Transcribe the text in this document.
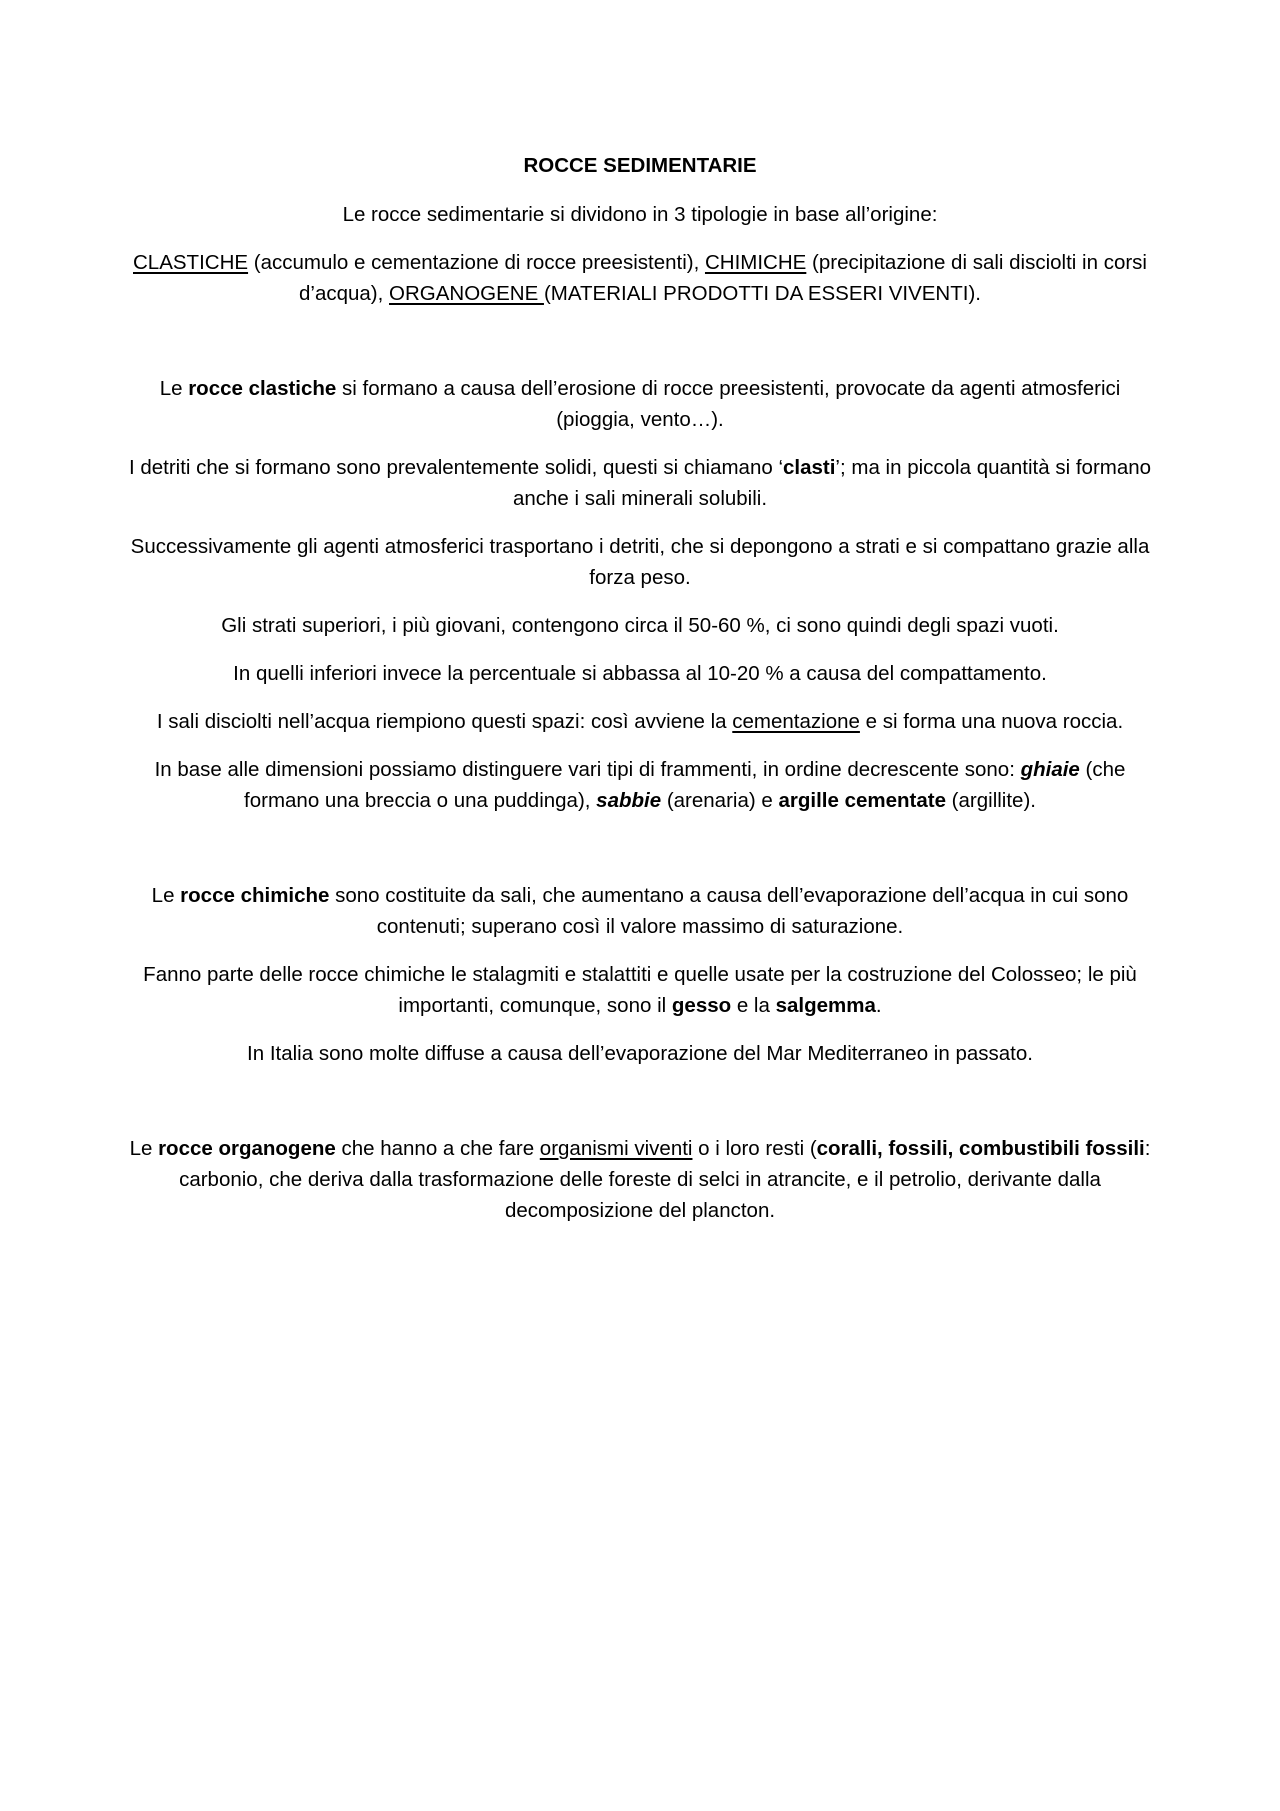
ROCCE SEDIMENTARIE

Le rocce sedimentarie si dividono in 3 tipologie in base all’origine:

CLASTICHE (accumulo e cementazione di rocce preesistenti), CHIMICHE (precipitazione di sali disciolti in corsi d’acqua), ORGANOGENE (MATERIALI PRODOTTI DA ESSERI VIVENTI).

Le rocce clastiche si formano a causa dell’erosione di rocce preesistenti, provocate da agenti atmosferici (pioggia, vento…).

I detriti che si formano sono prevalentemente solidi, questi si chiamano ‘clasti’; ma in piccola quantità si formano anche i sali minerali solubili.

Successivamente gli agenti atmosferici trasportano i detriti, che si depongono a strati e si compattano grazie alla forza peso.

Gli strati superiori, i più giovani, contengono circa il 50-60 %, ci sono quindi degli spazi vuoti.

In quelli inferiori invece la percentuale si abbassa al 10-20 % a causa del compattamento.

I sali disciolti nell’acqua riempiono questi spazi: così avviene la cementazione e si forma una nuova roccia.

In base alle dimensioni possiamo distinguere vari tipi di frammenti, in ordine decrescente sono: ghiaie (che formano una breccia o una puddinga), sabbie (arenaria) e argille cementate (argillite).

Le rocce chimiche sono costituite da sali, che aumentano a causa dell’evaporazione dell’acqua in cui sono contenuti; superano così il valore massimo di saturazione.

Fanno parte delle rocce chimiche le stalagmiti e stalattiti e quelle usate per la costruzione del Colosseo; le più importanti, comunque, sono il gesso e la salgemma.

In Italia sono molte diffuse a causa dell’evaporazione del Mar Mediterraneo in passato.

Le rocce organogene che hanno a che fare organismi viventi o i loro resti (coralli, fossili, combustibili fossili: carbonio, che deriva dalla trasformazione delle foreste di selci in atrancite, e il petrolio, derivante dalla decomposizione del plancton.
